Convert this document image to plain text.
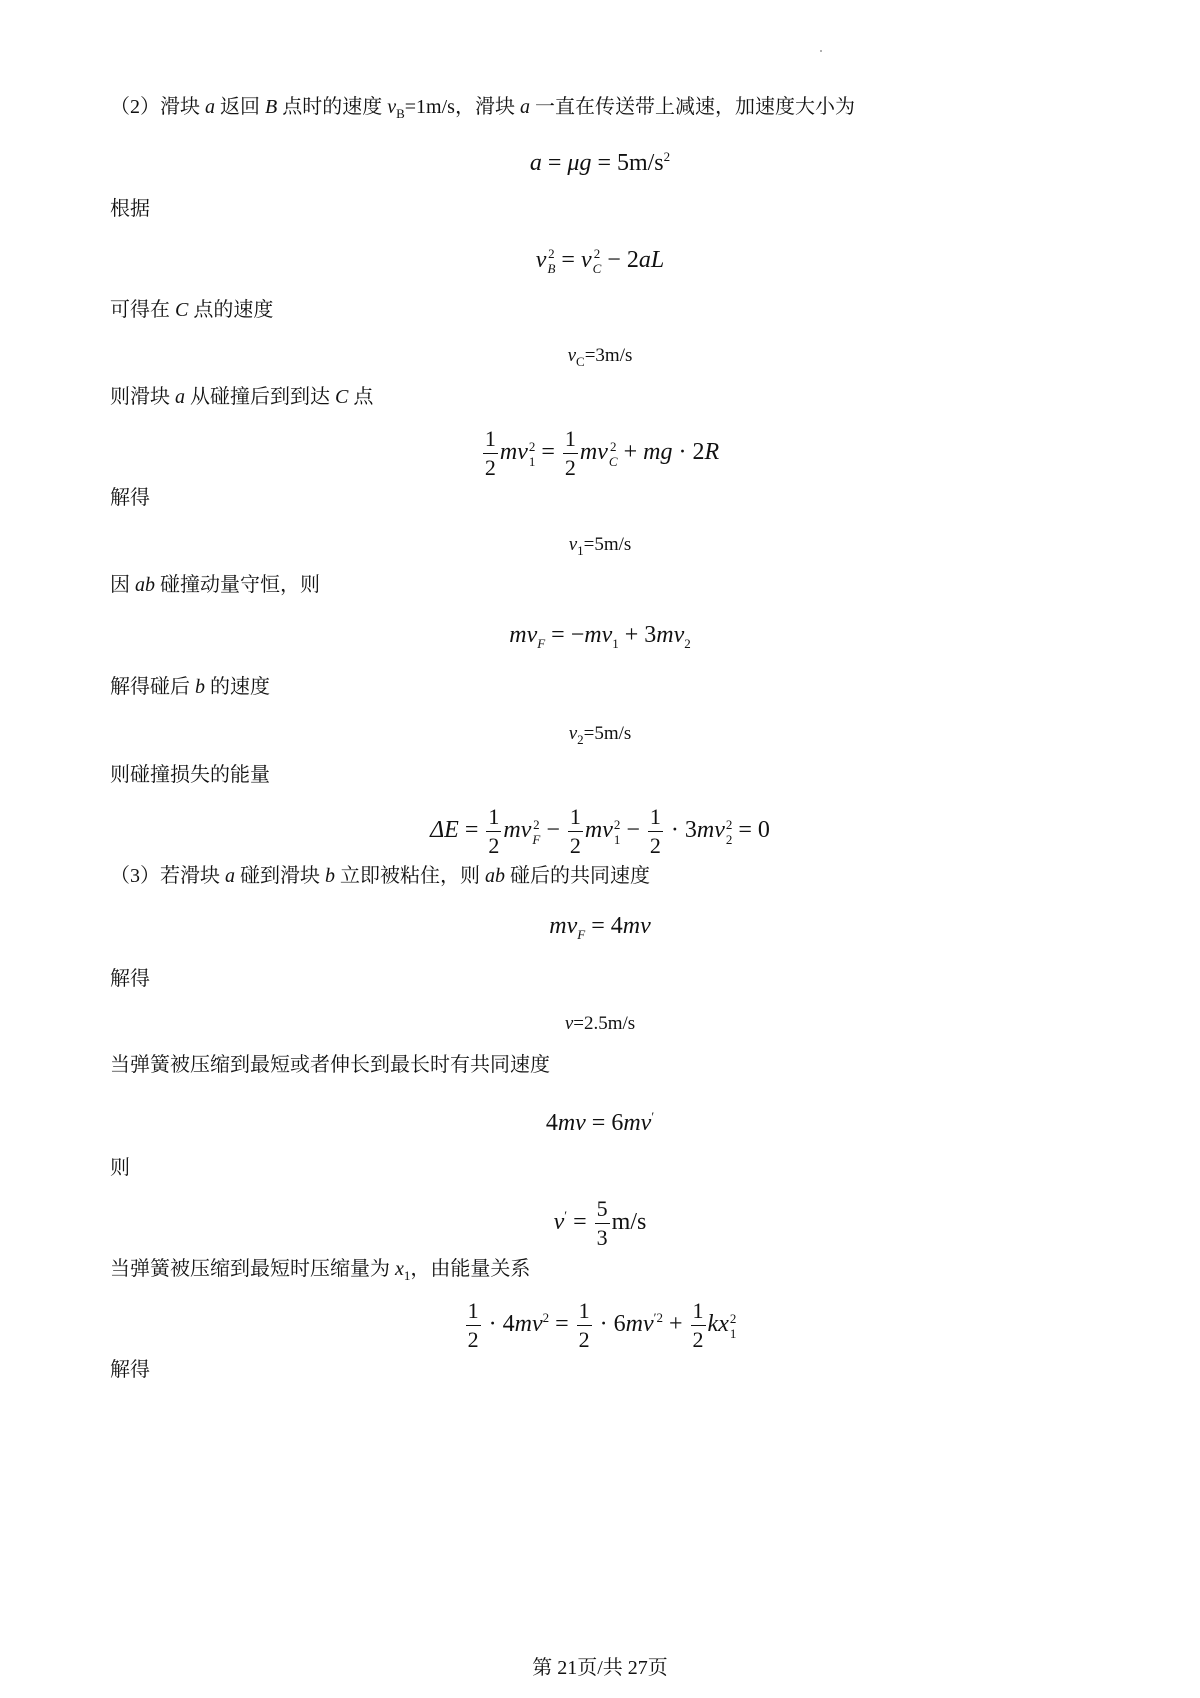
（2）滑块 a 返回 B 点时的速度 $v_B=1m/s$，滑块 a 一直在传送带上减速，加速度大小为
$a = \mu g = 5m/s^2$
根据
v 2
B = v 2
C − 2aL
可得在 C 点的速度
$v_C=3m/s$
则滑块 a 从碰撞后到到达 C 点
$\frac{1}{2}$ mv 2
$1 = \frac{1}{2}$ mv 2
C + mg · 2R
解得
$v_1=5m/s$
因 ab 碰撞动量守恒，则
$mv_F = -mv_1 + 3mv_2$
解得碰后 b 的速度
$v_2=5m/s$
则碰撞损失的能量
$\Delta E = \frac{1}{2}$ mv 2
$F - \frac{1}{2}$ mv 2
$1 - \frac{1}{2} \cdot 3mv$ 2
2 = 0
（3）若滑块 a 碰到滑块 b 立即被粘住，则 ab 碰后的共同速度
$mv_F = 4mv$
解得
v=2.5m/s
当弹簧被压缩到最短或者伸长到最长时有共同速度
4mv = 6mv′
则
$v' = \frac{5}{3} m/s$
当弹簧被压缩到最短时压缩量为 $x_1$，由能量关系
$\frac{1}{2} \cdot 4mv^2 = \frac{1}{2} \cdot 6mv^{'2} + \frac{1}{2}$ kx 2
1
解得
第 21页/共 27页
